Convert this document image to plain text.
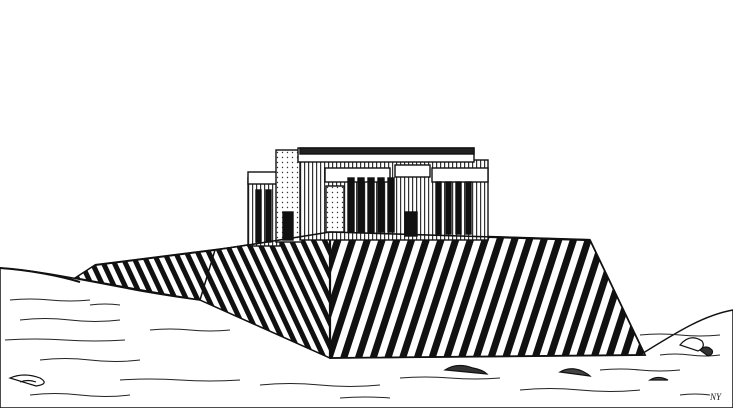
NY
